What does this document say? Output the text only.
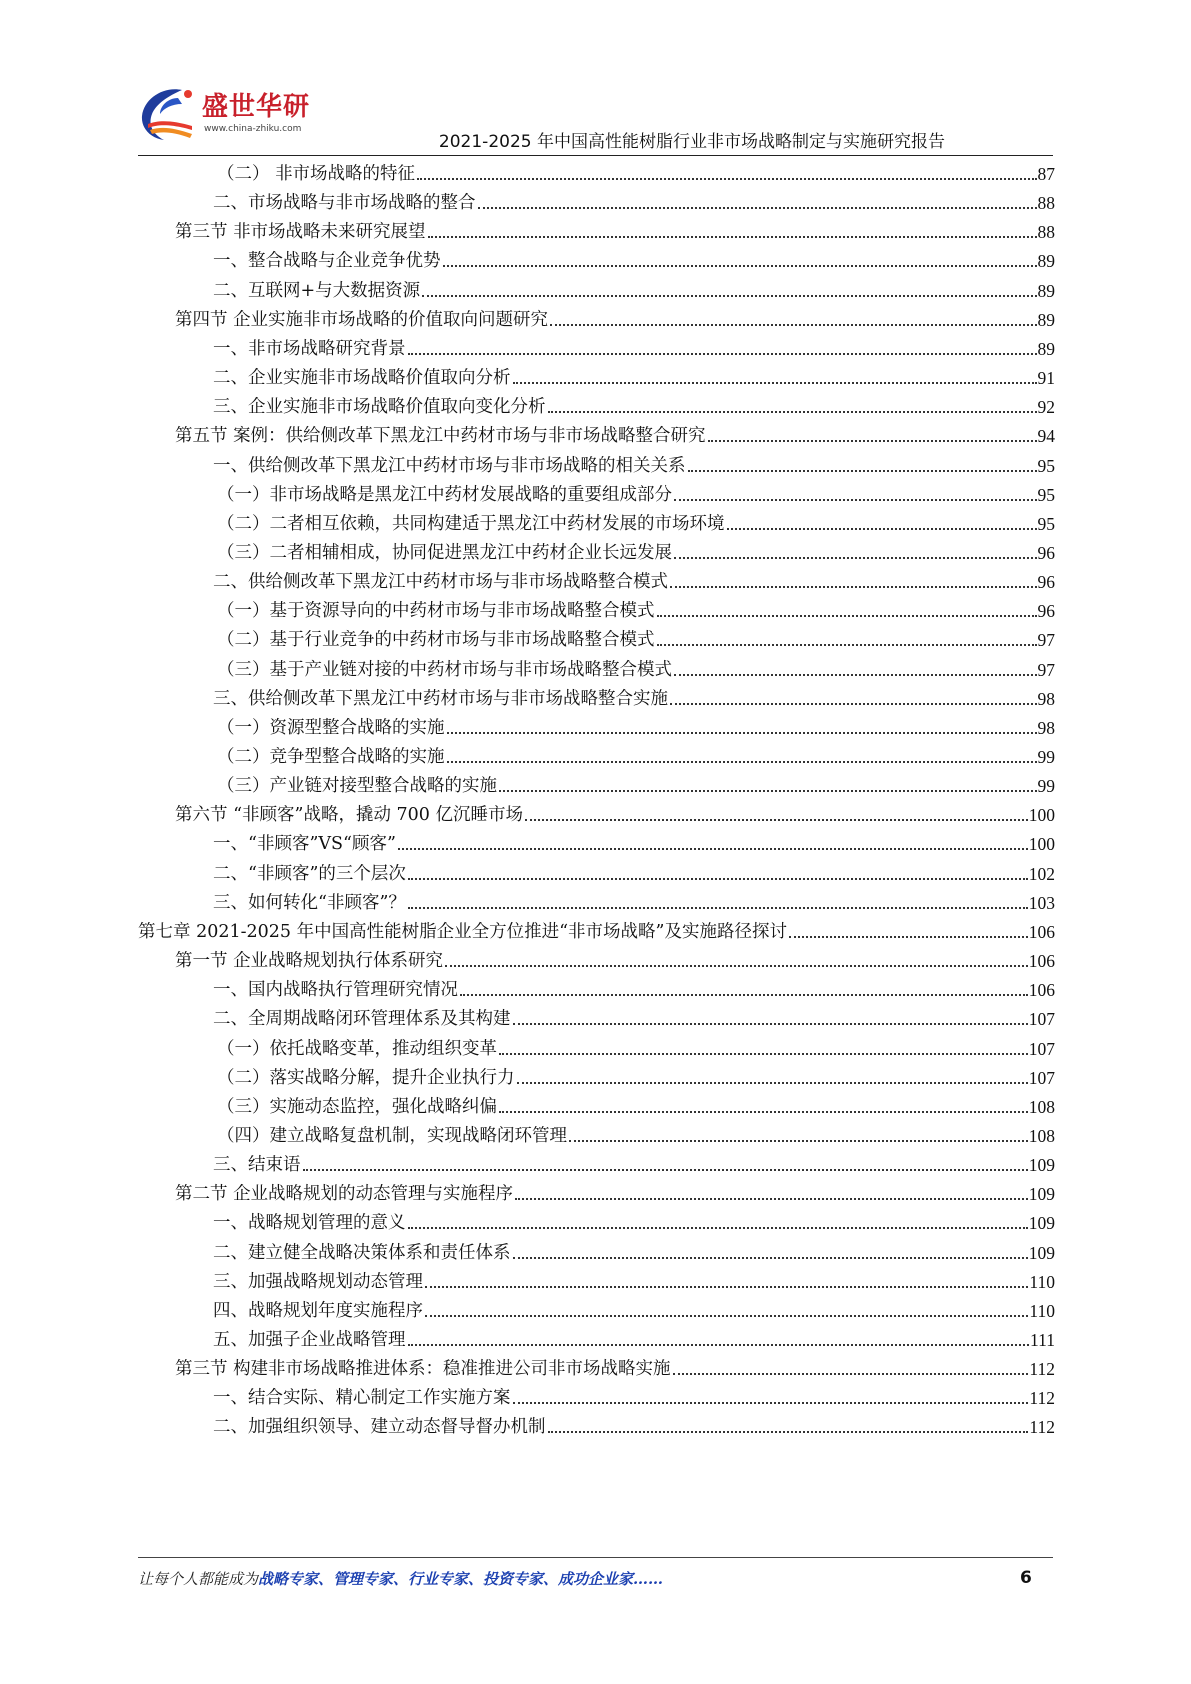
盛世华研
www.china-zhiku.com
2021-2025 年中国高性能树脂行业非市场战略制定与实施研究报告
（二） 非市场战略的特征	87
二、市场战略与非市场战略的整合	88
第三节 非市场战略未来研究展望	88
一、整合战略与企业竞争优势	89
二、互联网+与大数据资源	89
第四节 企业实施非市场战略的价值取向问题研究	89
一、非市场战略研究背景	89
二、企业实施非市场战略价值取向分析	91
三、企业实施非市场战略价值取向变化分析	92
第五节 案例：供给侧改革下黑龙江中药材市场与非市场战略整合研究	94
一、供给侧改革下黑龙江中药材市场与非市场战略的相关关系	95
（一）非市场战略是黑龙江中药材发展战略的重要组成部分	95
（二）二者相互依赖，共同构建适于黑龙江中药材发展的市场环境	95
（三）二者相辅相成，协同促进黑龙江中药材企业长远发展	96
二、供给侧改革下黑龙江中药材市场与非市场战略整合模式	96
（一）基于资源导向的中药材市场与非市场战略整合模式	96
（二）基于行业竞争的中药材市场与非市场战略整合模式	97
（三）基于产业链对接的中药材市场与非市场战略整合模式	97
三、供给侧改革下黑龙江中药材市场与非市场战略整合实施	98
（一）资源型整合战略的实施	98
（二）竞争型整合战略的实施	99
（三）产业链对接型整合战略的实施	99
第六节 “非顾客”战略，撬动 700 亿沉睡市场	100
一、“非顾客”VS“顾客”	100
二、“非顾客”的三个层次	102
三、如何转化“非顾客”？	103
第七章 2021-2025 年中国高性能树脂企业全方位推进“非市场战略”及实施路径探讨	106
第一节 企业战略规划执行体系研究	106
一、国内战略执行管理研究情况	106
二、全周期战略闭环管理体系及其构建	107
（一）依托战略变革，推动组织变革	107
（二）落实战略分解，提升企业执行力	107
（三）实施动态监控，强化战略纠偏	108
（四）建立战略复盘机制，实现战略闭环管理	108
三、结束语	109
第二节 企业战略规划的动态管理与实施程序	109
一、战略规划管理的意义	109
二、建立健全战略决策体系和责任体系	109
三、加强战略规划动态管理	110
四、战略规划年度实施程序	110
五、加强子企业战略管理	111
第三节 构建非市场战略推进体系：稳准推进公司非市场战略实施	112
一、结合实际、精心制定工作实施方案	112
二、加强组织领导、建立动态督导督办机制	112
让每个人都能成为战略专家、管理专家、行业专家、投资专家、成功企业家……	6
